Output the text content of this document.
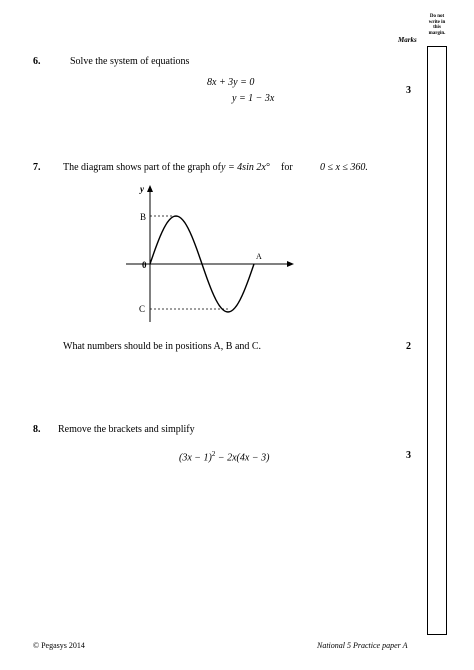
Do not write in this margin.
Marks
6.	Solve the system of equations
8x + 3y = 0
y = 1 − 3x
3
7. The diagram shows part of the graph of y = 4sin 2x° for	0 ≤ x ≤ 360.
y
B
0
C
A
What numbers should be in positions A, B and C.	2
8. Remove the brackets and simplify
$(3x - 1)^2 - 2x(4x - 3)$	3
© Pegasys 2014	National 5 Practice paper A
